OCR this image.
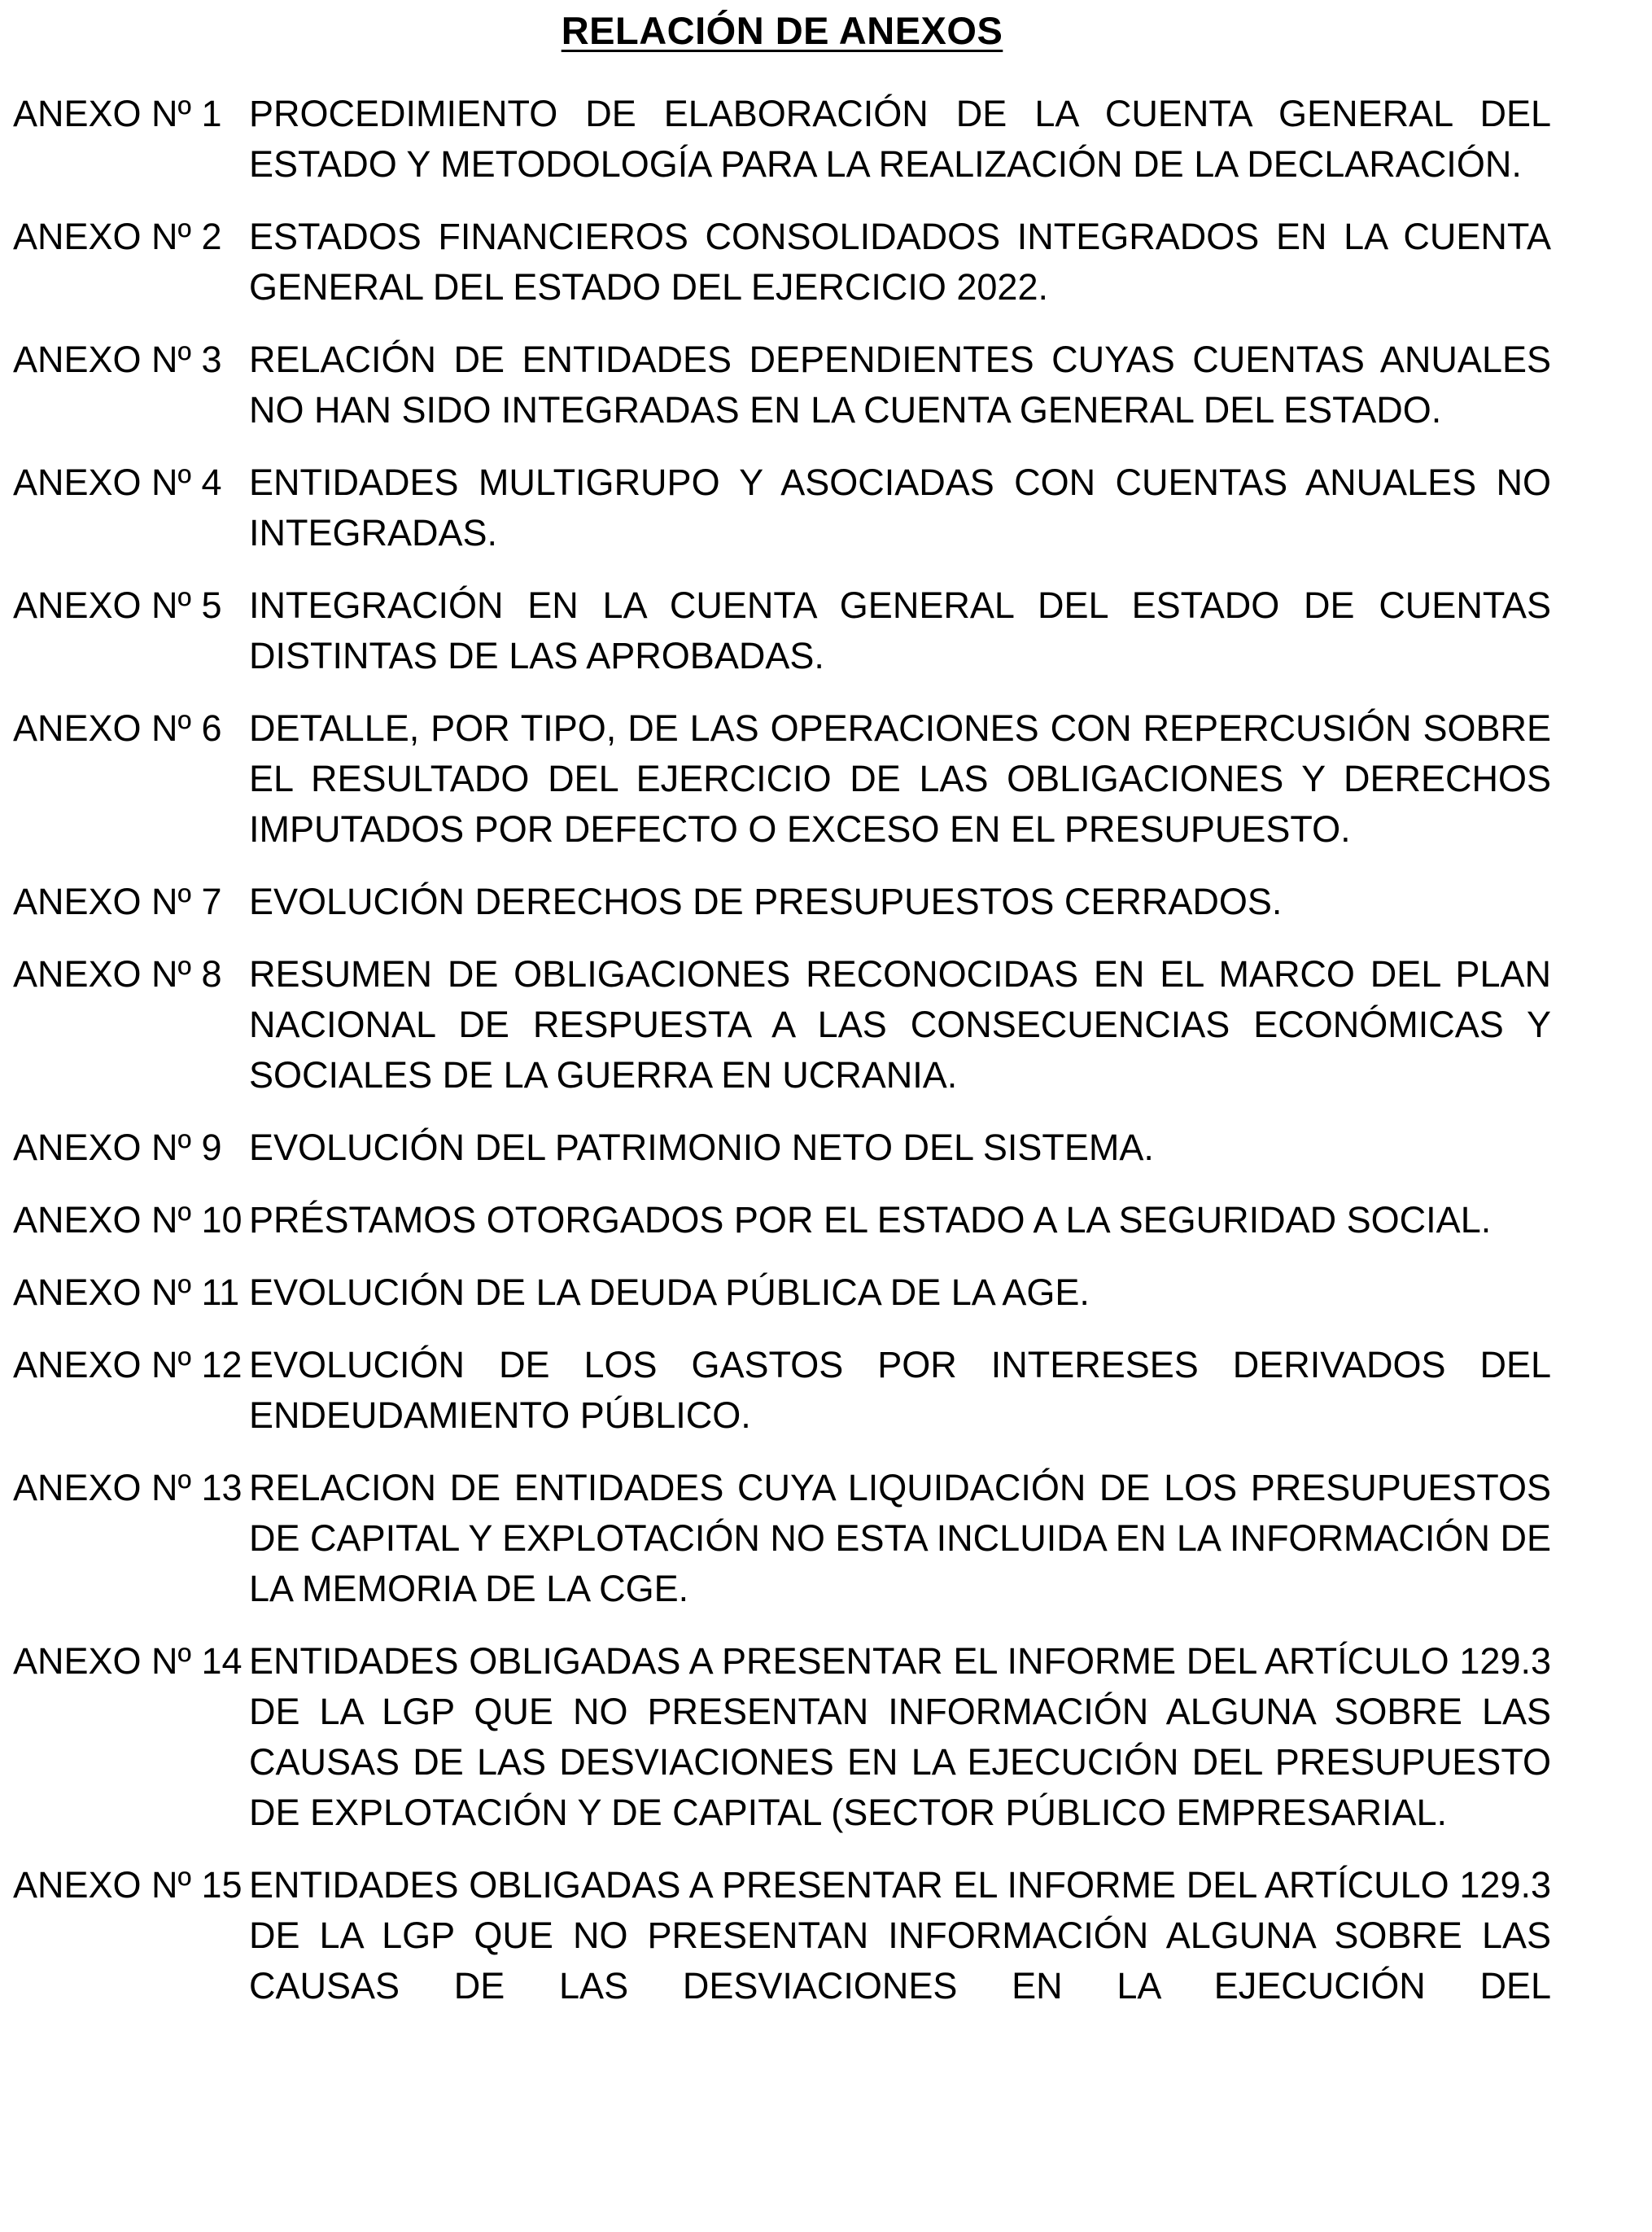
RELACIÓN DE ANEXOS
ANEXO Nº 1 PROCEDIMIENTO DE ELABORACIÓN DE LA CUENTA GENERAL DEL ESTADO Y METODOLOGÍA PARA LA REALIZACIÓN DE LA DECLARACIÓN.
ANEXO Nº 2 ESTADOS FINANCIEROS CONSOLIDADOS INTEGRADOS EN LA CUENTA GENERAL DEL ESTADO DEL EJERCICIO 2022.
ANEXO Nº 3 RELACIÓN DE ENTIDADES DEPENDIENTES CUYAS CUENTAS ANUALES NO HAN SIDO INTEGRADAS EN LA CUENTA GENERAL DEL ESTADO.
ANEXO Nº 4 ENTIDADES MULTIGRUPO Y ASOCIADAS CON CUENTAS ANUALES NO INTEGRADAS.
ANEXO Nº 5 INTEGRACIÓN EN LA CUENTA GENERAL DEL ESTADO DE CUENTAS DISTINTAS DE LAS APROBADAS.
ANEXO Nº 6 DETALLE, POR TIPO, DE LAS OPERACIONES CON REPERCUSIÓN SOBRE EL RESULTADO DEL EJERCICIO DE LAS OBLIGACIONES Y DERECHOS IMPUTADOS POR DEFECTO O EXCESO EN EL PRESUPUESTO.
ANEXO Nº 7 EVOLUCIÓN DERECHOS DE PRESUPUESTOS CERRADOS.
ANEXO Nº 8 RESUMEN DE OBLIGACIONES RECONOCIDAS EN EL MARCO DEL PLAN NACIONAL DE RESPUESTA A LAS CONSECUENCIAS ECONÓMICAS Y SOCIALES DE LA GUERRA EN UCRANIA.
ANEXO Nº 9 EVOLUCIÓN DEL PATRIMONIO NETO DEL SISTEMA.
ANEXO Nº 10 PRÉSTAMOS OTORGADOS POR EL ESTADO A LA SEGURIDAD SOCIAL.
ANEXO Nº 11 EVOLUCIÓN DE LA DEUDA PÚBLICA DE LA AGE.
ANEXO Nº 12 EVOLUCIÓN DE LOS GASTOS POR INTERESES DERIVADOS DEL ENDEUDAMIENTO PÚBLICO.
ANEXO Nº 13 RELACION DE ENTIDADES CUYA LIQUIDACIÓN DE LOS PRESUPUESTOS DE CAPITAL Y EXPLOTACIÓN NO ESTA INCLUIDA EN LA INFORMACIÓN DE LA MEMORIA DE LA CGE.
ANEXO Nº 14 ENTIDADES OBLIGADAS A PRESENTAR EL INFORME DEL ARTÍCULO 129.3 DE LA LGP QUE NO PRESENTAN INFORMACIÓN ALGUNA SOBRE LAS CAUSAS DE LAS DESVIACIONES EN LA EJECUCIÓN DEL PRESUPUESTO DE EXPLOTACIÓN Y DE CAPITAL (SECTOR PÚBLICO EMPRESARIAL.
ANEXO Nº 15 ENTIDADES OBLIGADAS A PRESENTAR EL INFORME DEL ARTÍCULO 129.3 DE LA LGP QUE NO PRESENTAN INFORMACIÓN ALGUNA SOBRE LAS CAUSAS DE LAS DESVIACIONES EN LA EJECUCIÓN DEL
